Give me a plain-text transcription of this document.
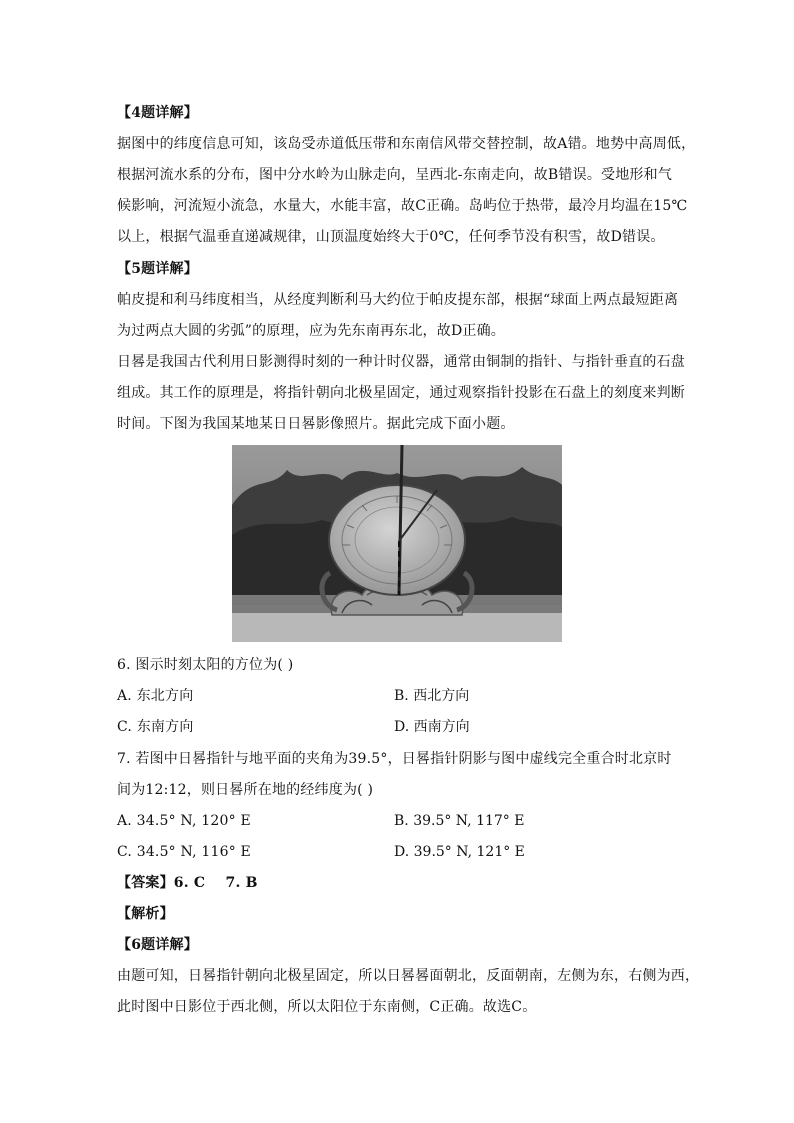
【4题详解】
据图中的纬度信息可知，该岛受赤道低压带和东南信风带交替控制，故A错。地势中高周低，
根据河流水系的分布，图中分水岭为山脉走向，呈西北-东南走向，故B错误。受地形和气
候影响，河流短小流急，水量大，水能丰富，故C正确。岛屿位于热带，最冷月均温在15℃
以上，根据气温垂直递减规律，山顶温度始终大于0℃，任何季节没有积雪，故D错误。
【5题详解】
帕皮提和利马纬度相当，从经度判断利马大约位于帕皮提东部，根据“球面上两点最短距离
为过两点大圆的劣弧”的原理，应为先东南再东北，故D正确。
日晷是我国古代利用日影测得时刻的一种计时仪器，通常由铜制的指针、与指针垂直的石盘
组成。其工作的原理是，将指针朝向北极星固定，通过观察指针投影在石盘上的刻度来判断
时间。下图为我国某地某日日晷影像照片。据此完成下面小题。
6. 图示时刻太阳的方位为( )
A. 东北方向	B. 西北方向
C. 东南方向	D. 西南方向
7. 若图中日晷指针与地平面的夹角为39.5°，日晷指针阴影与图中虚线完全重合时北京时
间为12:12，则日晷所在地的经纬度为( )
A. 34.5° N, 120° E	B. 39.5° N, 117° E
C. 34.5° N, 116° E	D. 39.5° N, 121° E
【答案】6. C    7. B
【解析】
【6题详解】
由题可知，日晷指针朝向北极星固定，所以日晷晷面朝北，反面朝南，左侧为东，右侧为西，
此时图中日影位于西北侧，所以太阳位于东南侧，C正确。故选C。
